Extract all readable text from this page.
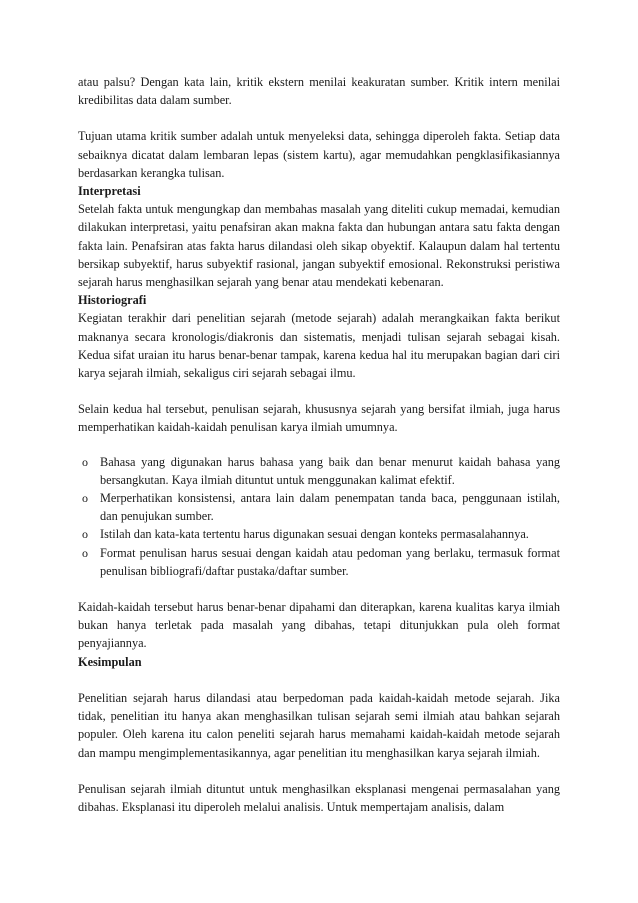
atau palsu? Dengan kata lain, kritik ekstern menilai keakuratan sumber. Kritik intern menilai kredibilitas data dalam sumber.

Tujuan utama kritik sumber adalah untuk menyeleksi data, sehingga diperoleh fakta. Setiap data sebaiknya dicatat dalam lembaran lepas (sistem kartu), agar memudahkan pengklasifikasiannya berdasarkan kerangka tulisan.

Interpretasi

Setelah fakta untuk mengungkap dan membahas masalah yang diteliti cukup memadai, kemudian dilakukan interpretasi, yaitu penafsiran akan makna fakta dan hubungan antara satu fakta dengan fakta lain. Penafsiran atas fakta harus dilandasi oleh sikap obyektif. Kalaupun dalam hal tertentu bersikap subyektif, harus subyektif rasional, jangan subyektif emosional. Rekonstruksi peristiwa sejarah harus menghasilkan sejarah yang benar atau mendekati kebenaran.

Historiografi

Kegiatan terakhir dari penelitian sejarah (metode sejarah) adalah merangkaikan fakta berikut maknanya secara kronologis/diakronis dan sistematis, menjadi tulisan sejarah sebagai kisah. Kedua sifat uraian itu harus benar-benar tampak, karena kedua hal itu merupakan bagian dari ciri karya sejarah ilmiah, sekaligus ciri sejarah sebagai ilmu.

Selain kedua hal tersebut, penulisan sejarah, khususnya sejarah yang bersifat ilmiah, juga harus memperhatikan kaidah-kaidah penulisan karya ilmiah umumnya.

o Bahasa yang digunakan harus bahasa yang baik dan benar menurut kaidah bahasa yang bersangkutan. Kaya ilmiah dituntut untuk menggunakan kalimat efektif.
o Merperhatikan konsistensi, antara lain dalam penempatan tanda baca, penggunaan istilah, dan penujukan sumber.
o Istilah dan kata-kata tertentu harus digunakan sesuai dengan konteks permasalahannya.
o Format penulisan harus sesuai dengan kaidah atau pedoman yang berlaku, termasuk format penulisan bibliografi/daftar pustaka/daftar sumber.

Kaidah-kaidah tersebut harus benar-benar dipahami dan diterapkan, karena kualitas karya ilmiah bukan hanya terletak pada masalah yang dibahas, tetapi ditunjukkan pula oleh format penyajiannya.

Kesimpulan

Penelitian sejarah harus dilandasi atau berpedoman pada kaidah-kaidah metode sejarah. Jika tidak, penelitian itu hanya akan menghasilkan tulisan sejarah semi ilmiah atau bahkan sejarah populer. Oleh karena itu calon peneliti sejarah harus memahami kaidah-kaidah metode sejarah dan mampu mengimplementasikannya, agar penelitian itu menghasilkan karya sejarah ilmiah.

Penulisan sejarah ilmiah dituntut untuk menghasilkan eksplanasi mengenai permasalahan yang dibahas. Eksplanasi itu diperoleh melalui analisis. Untuk mempertajam analisis, dalam
